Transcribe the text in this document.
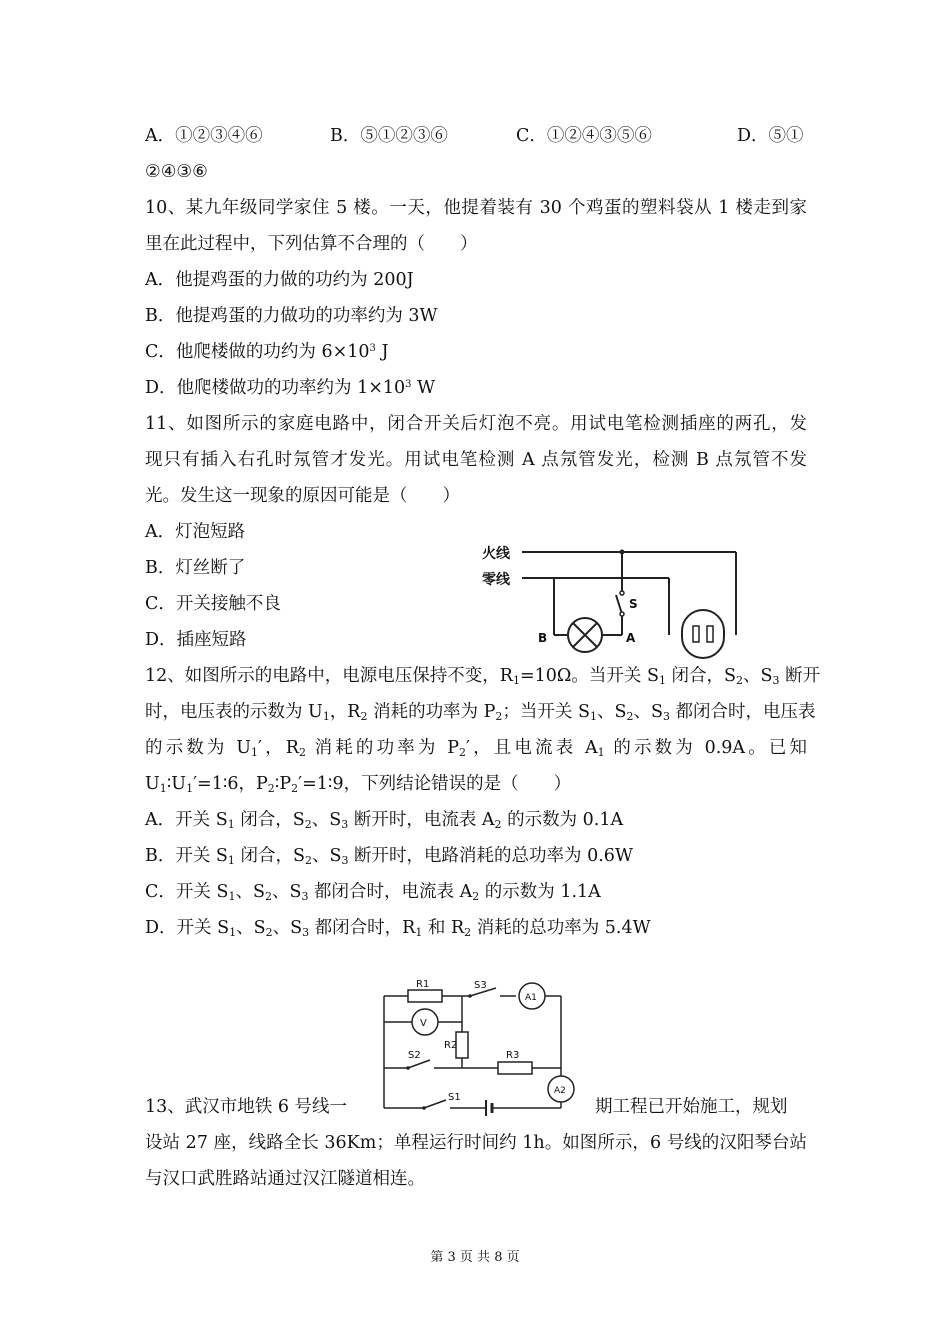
A．①②③④⑥	B．⑤①②③⑥	C．①②④③⑤⑥	D．⑤①
②④③⑥
10、某九年级同学家住 5 楼。一天，他提着装有 30 个鸡蛋的塑料袋从 1 楼走到家
里在此过程中，下列估算不合理的（　　）
A．他提鸡蛋的力做的功约为 200J
B．他提鸡蛋的力做功的功率约为 3W
C．他爬楼做的功约为 $6\times 10^3$ J
D．他爬楼做功的功率约为 $1\times 10^3$ W
11、如图所示的家庭电路中，闭合开关后灯泡不亮。用试电笔检测插座的两孔，发
现只有插入右孔时氖管才发光。用试电笔检测 A 点氖管发光，检测 B 点氖管不发
光。发生这一现象的原因可能是（　　）
A．灯泡短路
B．灯丝断了
C．开关接触不良
D．插座短路
火线
零线
S
A
B
12、如图所示的电路中，电源电压保持不变，$R_1=10\Omega$。当开关 $S_1$ 闭合，$S_2$、$S_3$ 断开
时，电压表的示数为 $U_1$，$R_2$ 消耗的功率为 $P_2$；当开关 $S_1$、$S_2$、$S_3$ 都闭合时，电压表
的示数为 $U_1'$，$R_2$ 消耗的功率为 $P_2'$，且电流表 $A_1$ 的示数为 0.9A。已知
$U_1∶U_1'=1∶6$，$P_2∶P_2'=1∶9$，下列结论错误的是（　　）
A．开关 $S_1$ 闭合，$S_2$、$S_3$ 断开时，电流表 $A_2$ 的示数为 0.1A
B．开关 $S_1$ 闭合，$S_2$、$S_3$ 断开时，电路消耗的总功率为 0.6W
C．开关 $S_1$、$S_2$、$S_3$ 都闭合时，电流表 $A_2$ 的示数为 1.1A
D．开关 $S_1$、$S_2$、$S_3$ 都闭合时，$R_1$ 和 $R_2$ 消耗的总功率为 5.4W
R1	S3
A1
V
R2
S2	R3
A2
S1
13、武汉市地铁 6 号线一	期工程已开始施工，规划
设站 27 座，线路全长 36Km；单程运行时间约 1h。如图所示，6 号线的汉阳琴台站
与汉口武胜路站通过汉江隧道相连。
第 3 页 共 8 页
